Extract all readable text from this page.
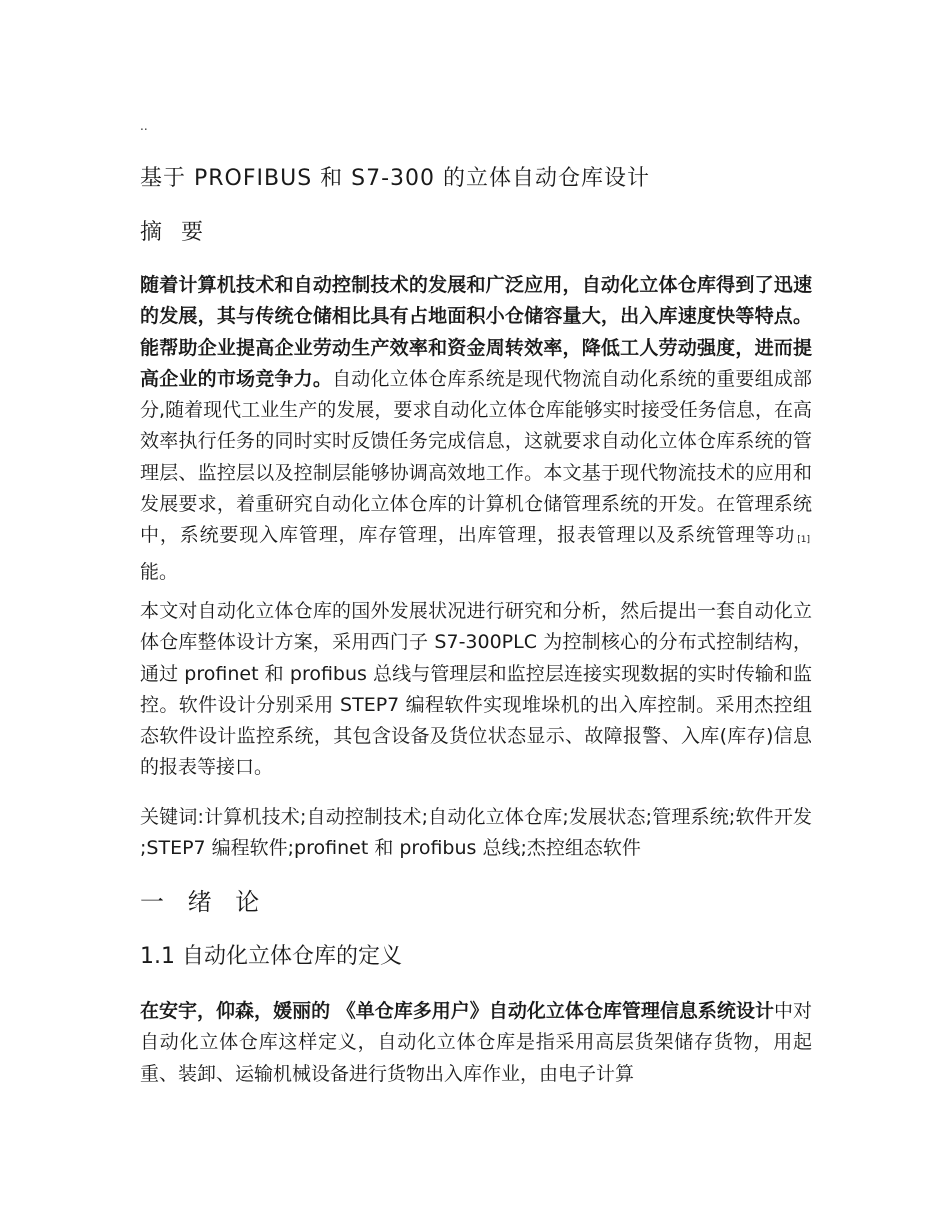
..
基于 PROFIBUS 和 S7-300 的立体自动仓库设计
摘 要
随着计算机技术和自动控制技术的发展和广泛应用，自动化立体仓库得到了迅速的发展，其与传统仓储相比具有占地面积小仓储容量大，出入库速度快等特点。能帮助企业提高企业劳动生产效率和资金周转效率，降低工人劳动强度，进而提高企业的市场竞争力。自动化立体仓库系统是现代物流自动化系统的重要组成部分,随着现代工业生产的发展，要求自动化立体仓库能够实时接受任务信息，在高效率执行任务的同时实时反馈任务完成信息，这就要求自动化立体仓库系统的管理层、监控层以及控制层能够协调高效地工作。本文基于现代物流技术的应用和发展要求，着重研究自动化立体仓库的计算机仓储管理系统的开发。在管理系统中，系统要现入库管理，库存管理，出库管理，报表管理以及系统管理等功 [1]能。
本文对自动化立体仓库的国外发展状况进行研究和分析，然后提出一套自动化立体仓库整体设计方案，采用西门子 S7-300PLC 为控制核心的分布式控制结构，通过 profinet 和 profibus 总线与管理层和监控层连接实现数据的实时传输和监控。软件设计分别采用 STEP7 编程软件实现堆垛机的出入库控制。采用杰控组态软件设计监控系统，其包含设备及货位状态显示、故障报警、入库(库存)信息的报表等接口。
关键词:计算机技术;自动控制技术;自动化立体仓库;发展状态;管理系统;软件开发 ;STEP7 编程软件;profinet 和 profibus 总线;杰控组态软件
一 绪 论
1.1 自动化立体仓库的定义
在安宇，仰森，媛丽的 《单仓库多用户》自动化立体仓库管理信息系统设计中对自动化立体仓库这样定义，自动化立体仓库是指采用高层货架储存货物，用起重、装卸、运输机械设备进行货物出入库作业，由电子计算
